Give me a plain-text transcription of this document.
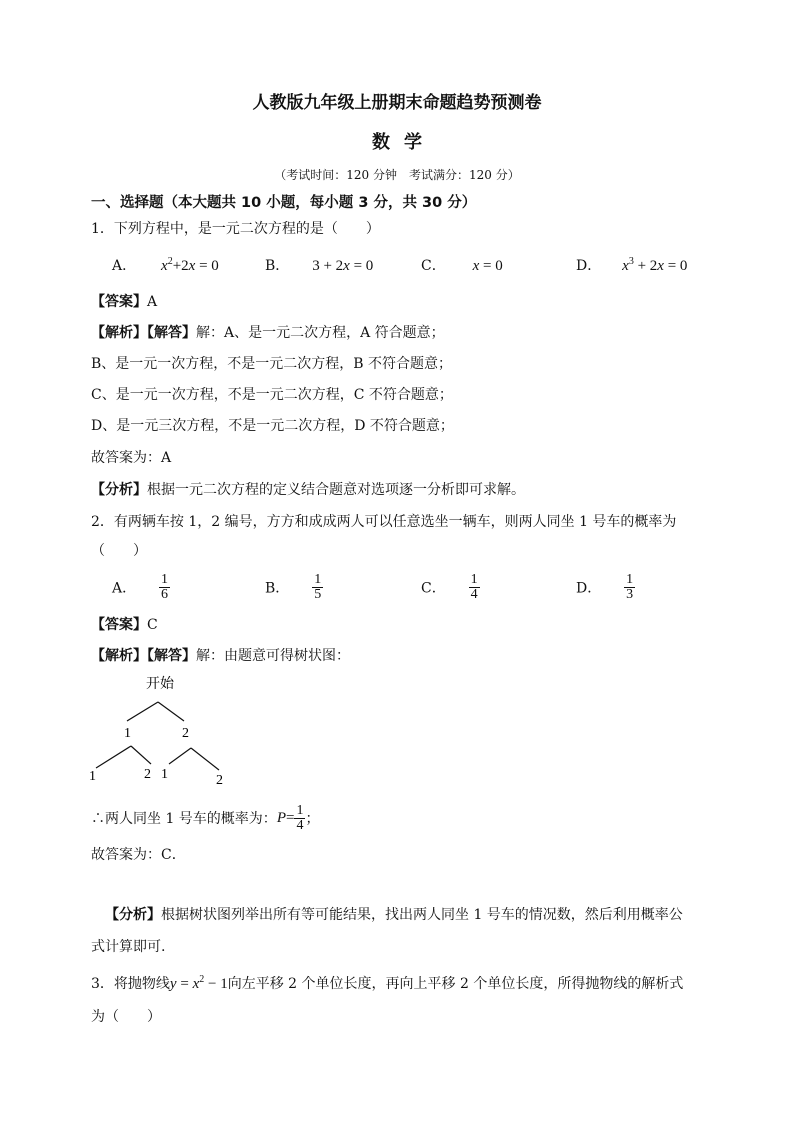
人教版九年级上册期末命题趋势预测卷
数学
（考试时间：120 分钟　考试满分：120 分）
一、选择题（本大题共 10 小题，每小题 3 分，共 30 分）
1．下列方程中，是一元二次方程的是（　　）
A． $x^2+2x = 0$	B． 3 + 2x = 0	C． x = 0	D． $x^3 + 2x = 0$
【答案】A
【解析】【解答】解：A、是一元二次方程，A 符合题意；
B、是一元一次方程，不是一元二次方程，B 不符合题意；
C、是一元一次方程，不是一元二次方程，C 不符合题意；
D、是一元三次方程，不是一元二次方程，D 不符合题意；
故答案为：A
【分析】根据一元二次方程的定义结合题意对选项逐一分析即可求解。
2．有两辆车按 1，2 编号，方方和成成两人可以任意选坐一辆车，则两人同坐 1 号车的概率为
（　　）
A． $\frac{1}{6}$	B． $\frac{1}{5}$	C． $\frac{1}{4}$	D． $\frac{1}{3}$
【答案】C
【解析】【解答】解：由题意可得树状图：
开始
1	2
1	2 1	2
∴两人同坐 1 号车的概率为： $P = \frac{1}{4}$ ；
故答案为：C．
【分析】根据树状图列举出所有等可能结果，找出两人同坐 1 号车的情况数，然后利用概率公
式计算即可.
3．将抛物线$y = x^2 - 1$向左平移 2 个单位长度，再向上平移 2 个单位长度，所得抛物线的解析式
为（　　）
